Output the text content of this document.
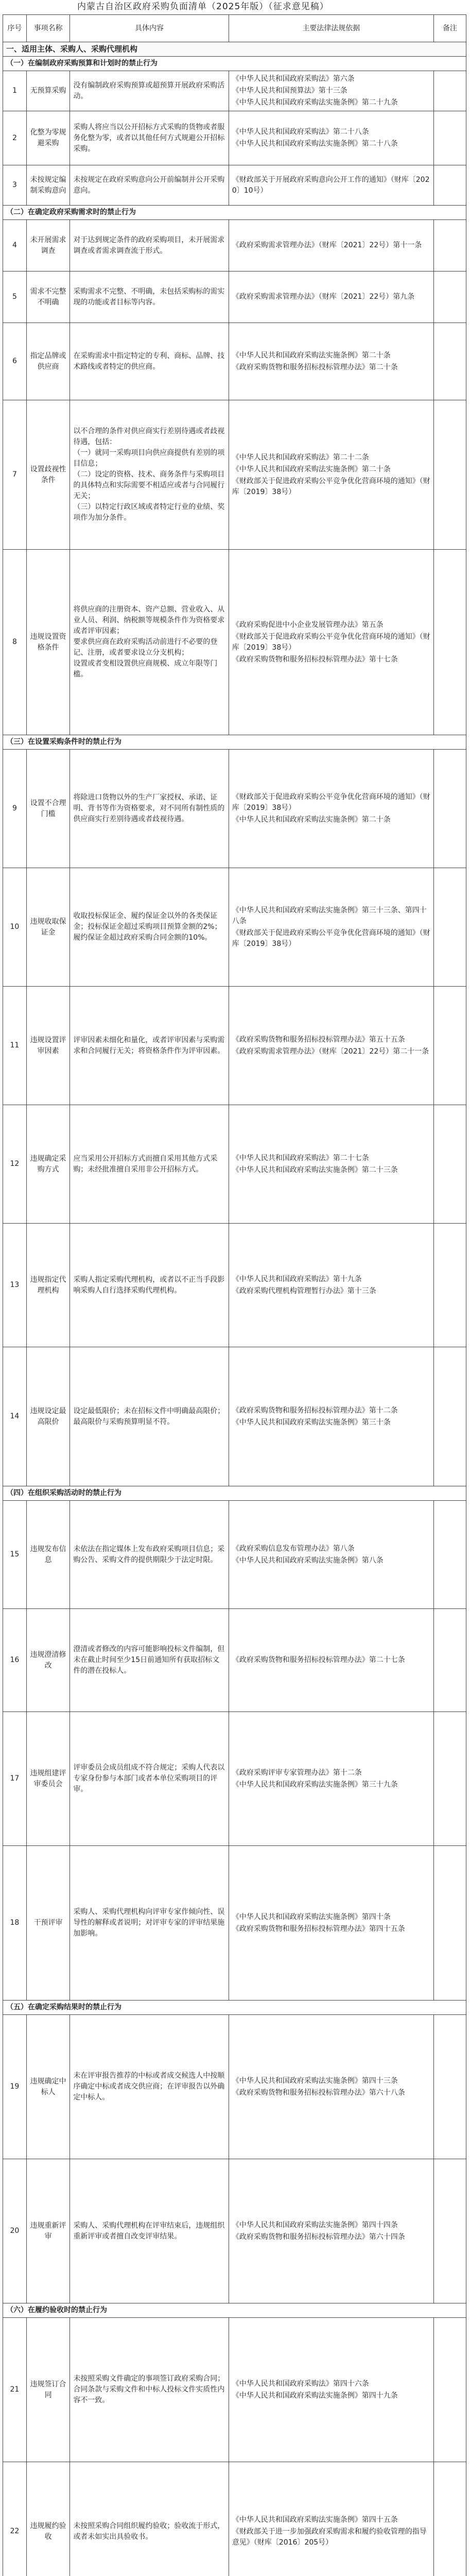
内蒙古自治区政府采购负面清单（2025年版）（征求意见稿）
序号	事项名称	具体内容	主要法律法规依据	备注
一、适用主体、采购人、采购代理机构				
（一）在编制政府采购预算和计划时的禁止行为				
1	无预算采购	没有编制政府采购预算或超预算开展政府采购活动。	《中华人民共和国政府采购法》第六条
《中华人民共和国预算法》第十三条
《中华人民共和国政府采购法实施条例》第二十九条	

2	化整为零规避采购	采购人将应当以公开招标方式采购的货物或者服务化整为零，或者以其他任何方式规避公开招标采购。	《中华人民共和国政府采购法》第二十八条
《中华人民共和国政府采购法实施条例》第二十八条	

3	未按规定编制采购意向	未按规定在政府采购意向公开前编制并公开采购意向。	《财政部关于开展政府采购意向公开工作的通知》（财库〔2020〕10号）	

（二）在确定政府采购需求时的禁止行为				
4	未开展需求调查	对于达到规定条件的政府采购项目，未开展需求调查或者需求调查流于形式。	《政府采购需求管理办法》（财库〔2021〕22号）第十一条	

5	需求不完整不明确	采购需求不完整、不明确，未包括采购标的需实现的功能或者目标等内容。	《政府采购需求管理办法》（财库〔2021〕22号）第九条	

6	指定品牌或供应商	在采购需求中指定特定的专利、商标、品牌、技术路线或者特定的供应商。	《中华人民共和国政府采购法实施条例》第二十条
《政府采购货物和服务招标投标管理办法》第二十条	

7	设置歧视性条件	以不合理的条件对供应商实行差别待遇或者歧视待遇，包括：
（一）就同一采购项目向供应商提供有差别的项目信息；
（二）设定的资格、技术、商务条件与采购项目的具体特点和实际需要不相适应或者与合同履行无关；
（三）以特定行政区域或者特定行业的业绩、奖项作为加分条件。	《中华人民共和国政府采购法》第二十二条
《中华人民共和国政府采购法实施条例》第二十条
《财政部关于促进政府采购公平竞争优化营商环境的通知》（财库〔2019〕38号）	

8	违规设置资格条件	将供应商的注册资本、资产总额、营业收入、从业人员、利润、纳税额等规模条件作为资格要求或者评审因素；
要求供应商在政府采购活动前进行不必要的登记、注册，或者要求设立分支机构；
设置或者变相设置供应商规模、成立年限等门槛。	《政府采购促进中小企业发展管理办法》第五条
《财政部关于促进政府采购公平竞争优化营商环境的通知》（财库〔2019〕38号）
《政府采购货物和服务招标投标管理办法》第十七条	

（三）在设置采购条件时的禁止行为				
9	设置不合理门槛	将除进口货物以外的生产厂家授权、承诺、证明、背书等作为资格要求，对不同所有制性质的供应商实行差别待遇或者歧视待遇。	《财政部关于促进政府采购公平竞争优化营商环境的通知》（财库〔2019〕38号）
《中华人民共和国政府采购法实施条例》第二十条	

10	违规收取保证金	收取投标保证金、履约保证金以外的各类保证金；投标保证金超过采购项目预算金额的2%；履约保证金超过政府采购合同金额的10%。	《中华人民共和国政府采购法实施条例》第三十三条、第四十八条
《财政部关于促进政府采购公平竞争优化营商环境的通知》（财库〔2019〕38号）	

11	违规设置评审因素	评审因素未细化和量化，或者评审因素与采购需求和合同履行无关；将资格条件作为评审因素。	《政府采购货物和服务招标投标管理办法》第五十五条
《政府采购需求管理办法》（财库〔2021〕22号）第二十一条	

12	违规确定采购方式	应当采用公开招标方式而擅自采用其他方式采购；未经批准擅自采用非公开招标方式。	《中华人民共和国政府采购法》第二十七条
《中华人民共和国政府采购法实施条例》第二十三条	

13	违规指定代理机构	采购人指定采购代理机构，或者以不正当手段影响采购人自行选择采购代理机构。	《中华人民共和国政府采购法》第十九条
《政府采购代理机构管理暂行办法》第十三条	

14	违规设定最高限价	设定最低限价；未在招标文件中明确最高限价；最高限价与采购预算明显不符。	《政府采购货物和服务招标投标管理办法》第十二条
《中华人民共和国政府采购法实施条例》第三十条	

（四）在组织采购活动时的禁止行为				
15	违规发布信息	未依法在指定媒体上发布政府采购项目信息；采购公告、采购文件的提供期限少于法定时限。	《政府采购信息发布管理办法》第八条
《中华人民共和国政府采购法实施条例》第八条	

16	违规澄清修改	澄清或者修改的内容可能影响投标文件编制，但未在截止时间至少15日前通知所有获取招标文件的潜在投标人。	《政府采购货物和服务招标投标管理办法》第二十七条	

17	违规组建评审委员会	评审委员会成员组成不符合规定；采购人代表以专家身份参与本部门或者本单位采购项目的评审。	《政府采购评审专家管理办法》第十二条
《中华人民共和国政府采购法实施条例》第三十九条	

18	干预评审	采购人、采购代理机构向评审专家作倾向性、误导性的解释或者说明；对评审专家的评审结果施加影响。	《中华人民共和国政府采购法实施条例》第四十条
《政府采购货物和服务招标投标管理办法》第四十五条	

（五）在确定采购结果时的禁止行为				
19	违规确定中标人	未在评审报告推荐的中标或者成交候选人中按顺序确定中标或者成交供应商；在评审报告以外确定中标人。	《中华人民共和国政府采购法实施条例》第四十三条
《政府采购货物和服务招标投标管理办法》第六十八条	

20	违规重新评审	采购人、采购代理机构在评审结束后，违规组织重新评审或者擅自改变评审结果。	《中华人民共和国政府采购法实施条例》第四十四条
《政府采购货物和服务招标投标管理办法》第六十四条	

（六）在履约验收时的禁止行为				
21	违规签订合同	未按照采购文件确定的事项签订政府采购合同；合同条款与采购文件和中标人投标文件实质性内容不一致。	《中华人民共和国政府采购法》第四十六条
《中华人民共和国政府采购法实施条例》第四十九条	

22	违规履约验收	未按照采购合同组织履约验收；验收流于形式，或者未如实出具验收书。	《中华人民共和国政府采购法实施条例》第四十五条
《财政部关于进一步加强政府采购需求和履约验收管理的指导意见》（财库〔2016〕205号）	
